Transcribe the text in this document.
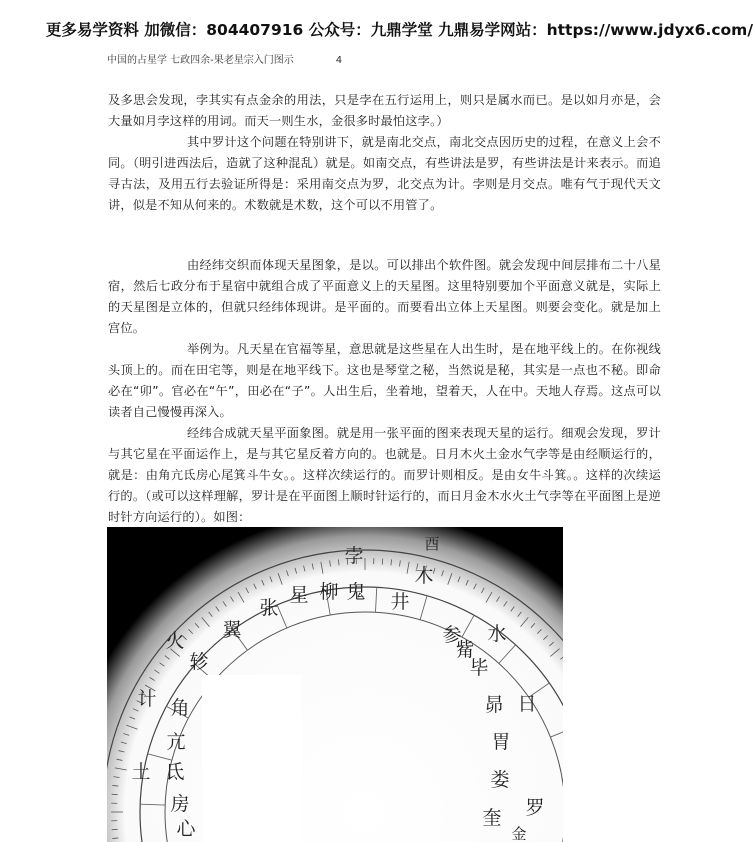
更多易学资料 加微信：804407916 公众号：九鼎学堂 九鼎易学网站：https://www.jdyx6.com/
中国的占星学 七政四余-果老星宗入门图示	4

及多思会发现，孛其实有点金余的用法，只是孛在五行运用上，则只是属水而已。是以如月亦是，会大量如月孛这样的用词。而天一则生水，金很多时最怕这孛。）

其中罗计这个问题在特别讲下，就是南北交点，南北交点因历史的过程，在意义上会不同。（明引进西法后，造就了这种混乱）就是。如南交点，有些讲法是罗，有些讲法是计来表示。而追寻古法，及用五行去验证所得是：采用南交点为罗，北交点为计。孛则是月交点。唯有气于现代天文讲，似是不知从何来的。术数就是术数，这个可以不用管了。

由经纬交织而体现天星图象，是以。可以排出个软件图。就会发现中间层排布二十八星宿，然后七政分布于星宿中就组合成了平面意义上的天星图。这里特别要加个平面意义就是，实际上的天星图是立体的，但就只经纬体现讲。是平面的。而要看出立体上天星图。则要会变化。就是加上宫位。

举例为。凡天星在官福等星，意思就是这些星在人出生时，是在地平线上的。在你视线头顶上的。而在田宅等，则是在地平线下。这也是琴堂之秘，当然说是秘，其实是一点也不秘。即命必在“卯”。官必在“午”，田必在“子”。人出生后，坐着地，望着天，人在中。天地人存焉。这点可以读者自己慢慢再深入。

经纬合成就天星平面象图。就是用一张平面的图来表现天星的运行。细观会发现，罗计与其它星在平面运作上，是与其它星反着方向的。也就是。日月木火土金水气孛等是由经顺运行的，就是：由角亢氐房心尾箕斗牛女。。这样次续运行的。而罗计则相反。是由女牛斗箕。。这样的次续运行的。（或可以这样理解，罗计是在平面图上顺时针运行的，而日月金木水火土气孛等在平面图上是逆时针方向运行的）。如图：

孛
木
水
日
罗
火
计
土
酉
张
星 柳 鬼 井
翼	参
觜
轸	毕
角	昴
亢	胃
氐	娄
房
奎
心	金
